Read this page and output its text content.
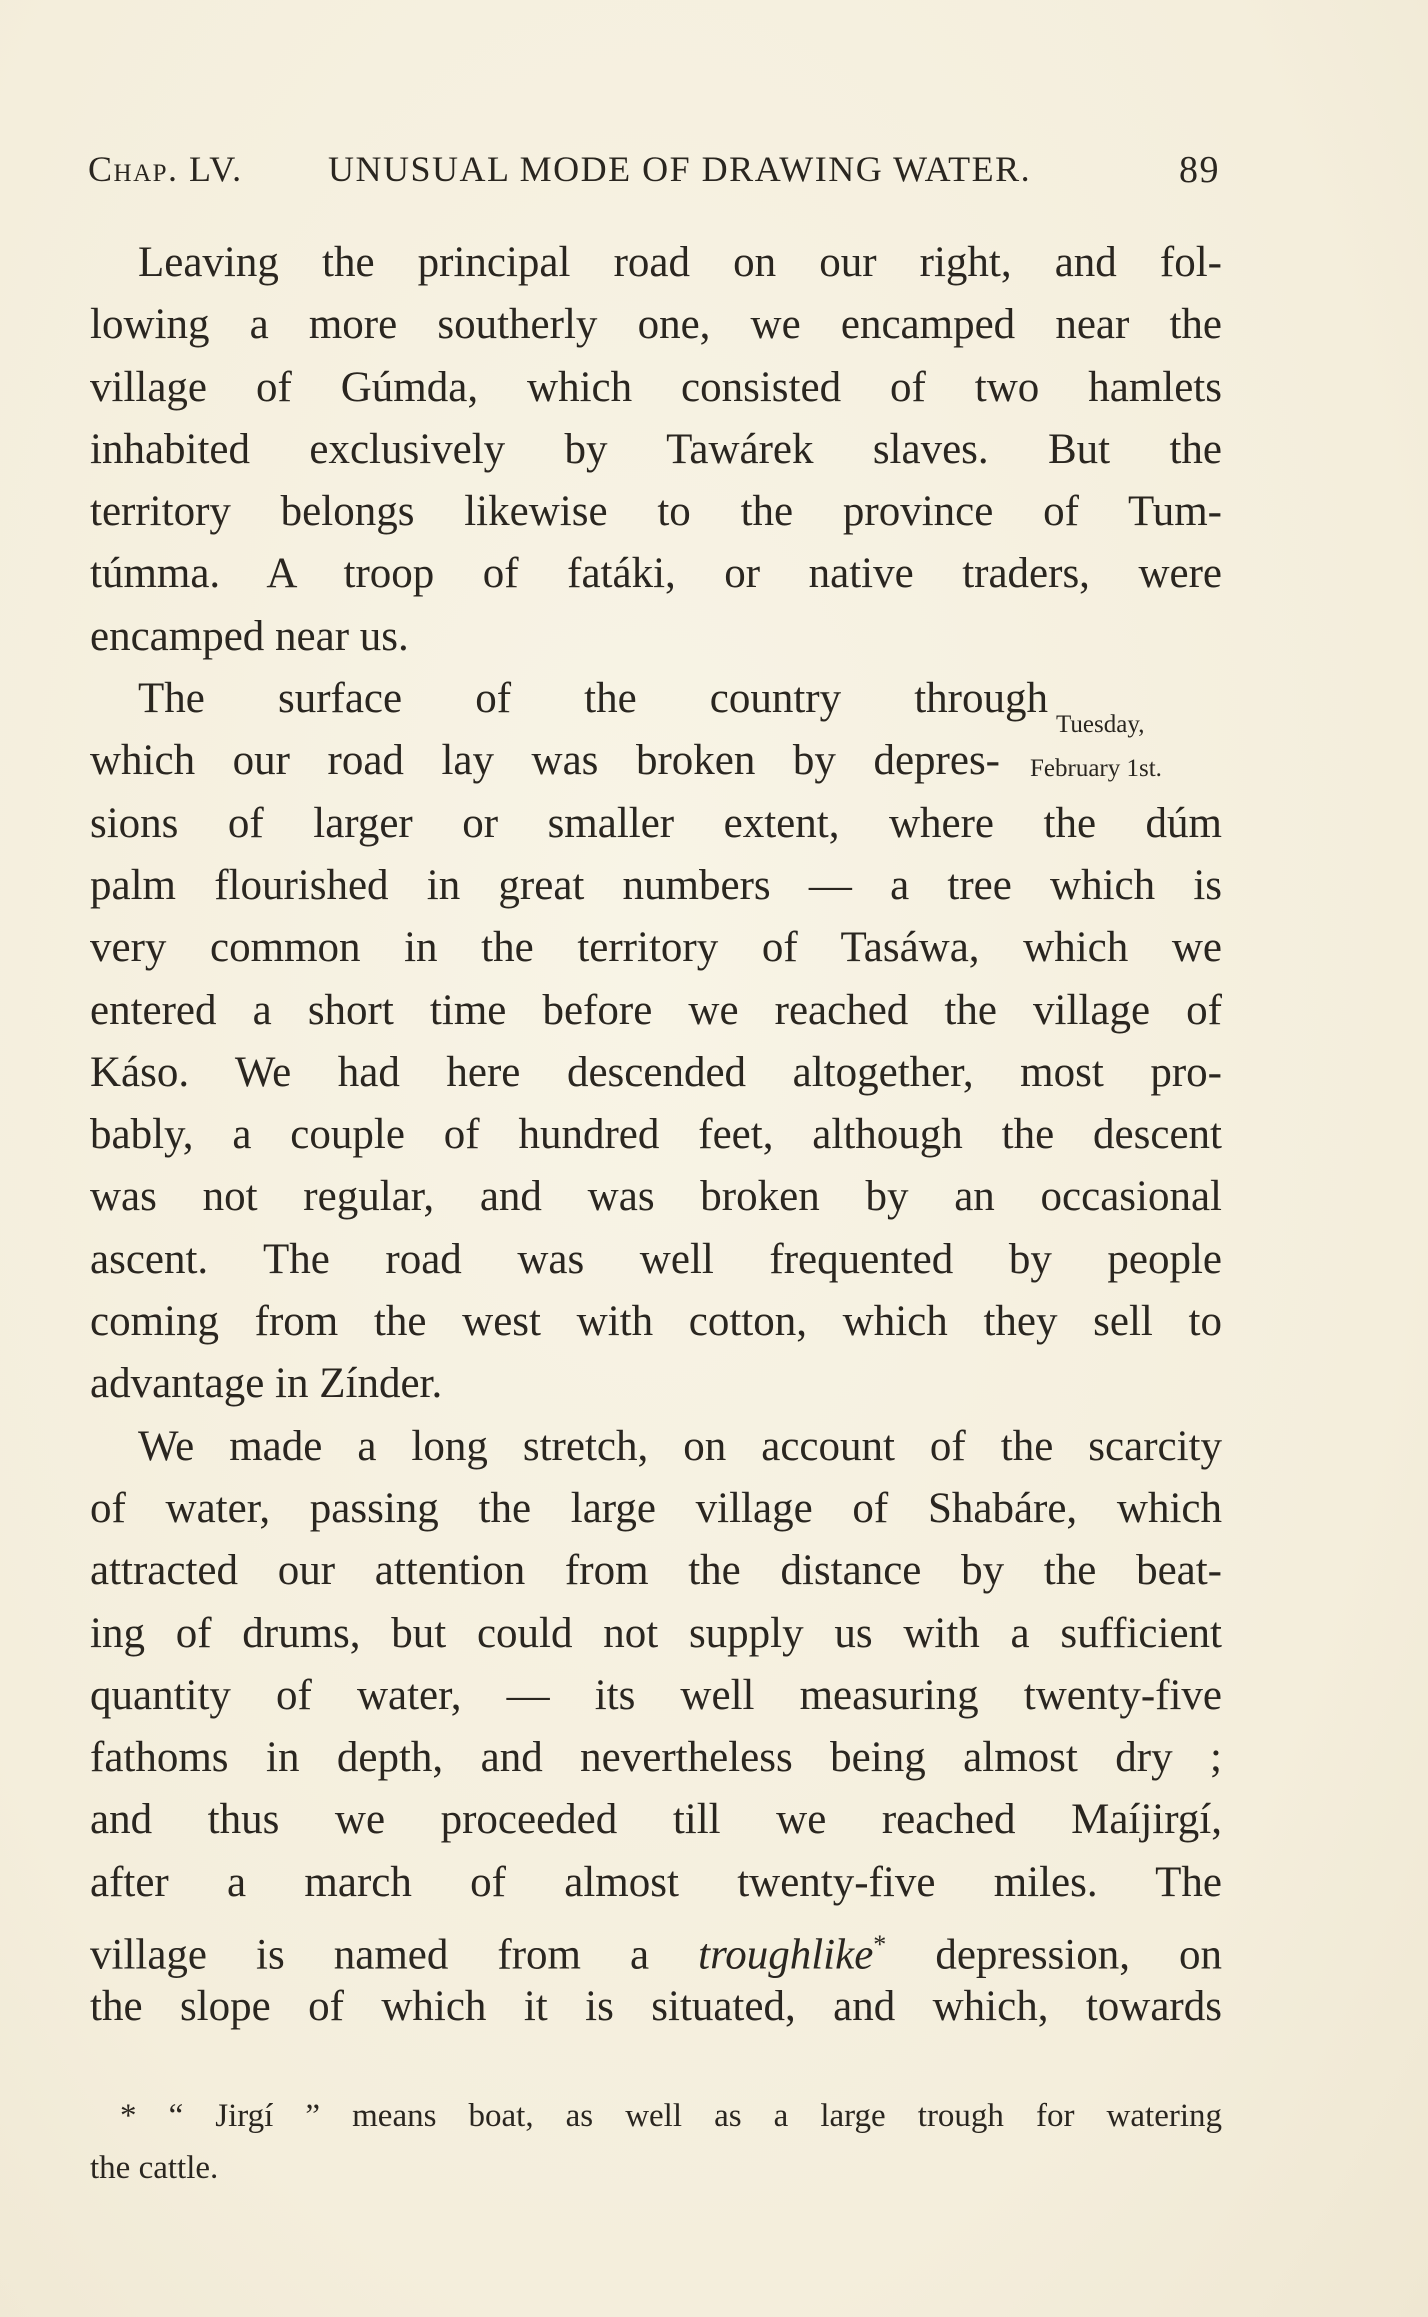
Chap. LV. UNUSUAL MODE OF DRAWING WATER.	89
Leaving the principal road on our right, and fol-
lowing a more southerly one, we encamped near the
village of Gúmda, which consisted of two hamlets
inhabited exclusively by Tawárek slaves. But the
territory belongs likewise to the province of Tum-
túmma. A troop of fatáki, or native traders, were
encamped near us.
The surface of the country through
which our road lay was broken by depres-
sions of larger or smaller extent, where the dúm
palm flourished in great numbers — a tree which is
very common in the territory of Tasáwa, which we
entered a short time before we reached the village of
Káso. We had here descended altogether, most pro-
bably, a couple of hundred feet, although the descent
was not regular, and was broken by an occasional
ascent. The road was well frequented by people
coming from the west with cotton, which they sell to
advantage in Zínder.
We made a long stretch, on account of the scarcity
of water, passing the large village of Shabáre, which
attracted our attention from the distance by the beat-
ing of drums, but could not supply us with a sufficient
quantity of water, — its well measuring twenty-five
fathoms in depth, and nevertheless being almost dry ;
and thus we proceeded till we reached Maíjirgí,
after a march of almost twenty-five miles. The
village is named from a troughlike* depression, on
the slope of which it is situated, and which, towards
Tuesday,
February 1st.
* “ Jirgí ” means boat, as well as a large trough for watering
the cattle.
